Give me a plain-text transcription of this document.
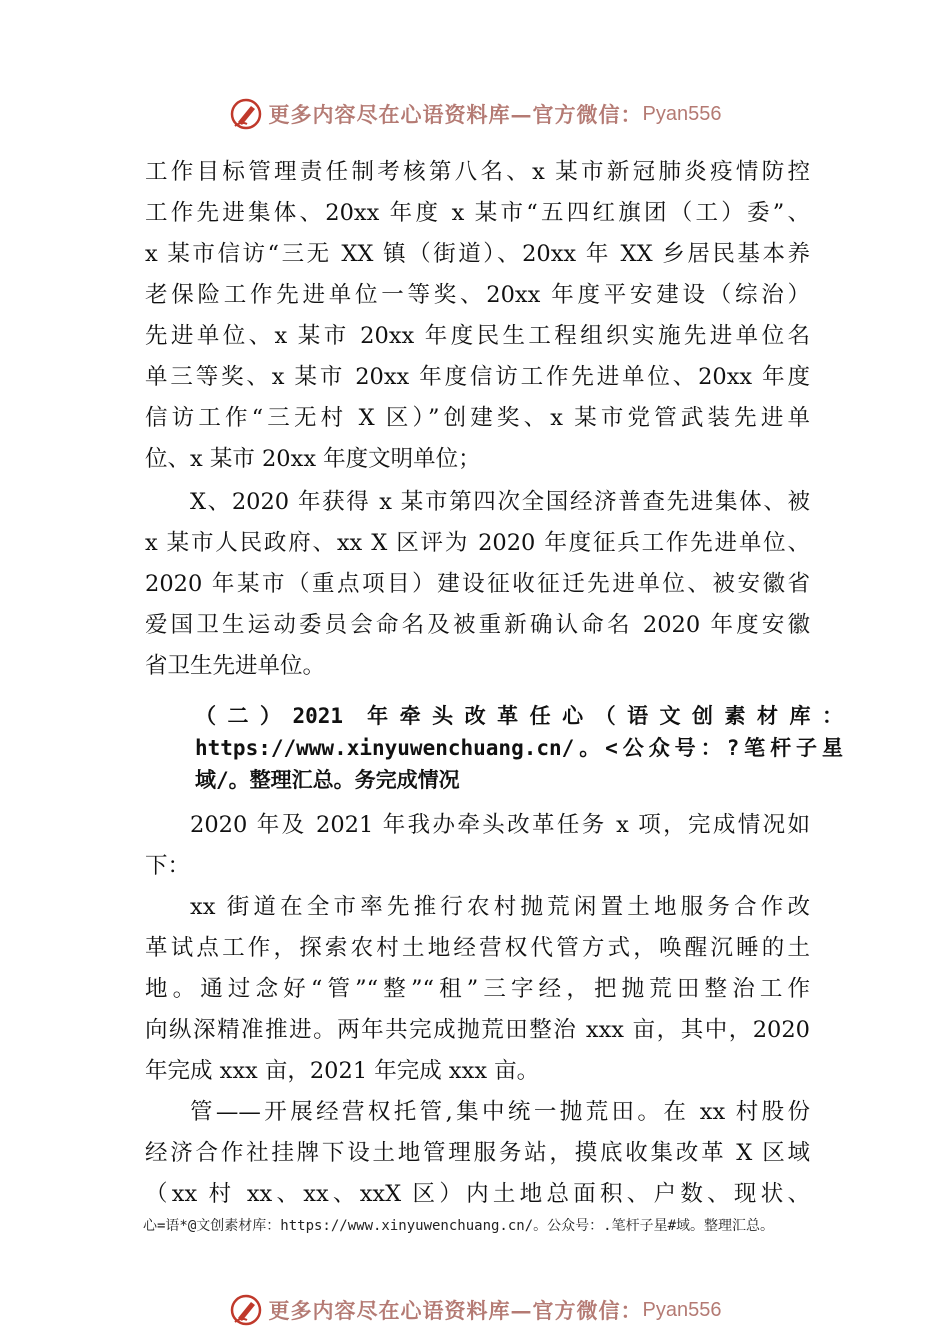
更多内容尽在心语资料库—官方微信： Pyan556
工作目标管理责任制考核第八名、x 某市新冠肺炎疫情防控
工作先进集体、20xx 年度 x 某市“五四红旗团（工）委”、
x 某市信访“三无 XX 镇（街道）、20xx 年 XX 乡居民基本养
老保险工作先进单位一等奖、20xx 年度平安建设（综治）
先进单位、x 某市 20xx 年度民生工程组织实施先进单位名
单三等奖、x 某市 20xx 年度信访工作先进单位、20xx 年度
信访工作“三无村 X 区）”创建奖、x 某市党管武装先进单
位、x 某市 20xx 年度文明单位；
X、2020 年获得 x 某市第四次全国经济普查先进集体、被
x 某市人民政府、xx X 区评为 2020 年度征兵工作先进单位、
2020 年某市（重点项目）建设征收征迁先进单位、被安徽省
爱国卫生运动委员会命名及被重新确认命名 2020 年度安徽
省卫生先进单位。
（二）2021 年牵头改革任心（语文创素材库：
https://www.xinyuwenchuang.cn/。<公众号：?笔杆子星
域/。整理汇总。务完成情况
2020 年及 2021 年我办牵头改革任务 x 项，完成情况如
下：
xx 街道在全市率先推行农村抛荒闲置土地服务合作改
革试点工作，探索农村土地经营权代管方式，唤醒沉睡的土
地。通过念好“管”“整”“租”三字经，把抛荒田整治工作
向纵深精准推进。两年共完成抛荒田整治 xxx 亩，其中，2020
年完成 xxx 亩，2021 年完成 xxx 亩。
管——开展经营权托管,集中统一抛荒田。在 xx 村股份
经济合作社挂牌下设土地管理服务站，摸底收集改革 X 区域
（xx 村 xx、xx、xxX 区）内土地总面积、户数、现状、
心=语*@文创素材库：https://www.xinyuwenchuang.cn/。公众号：.笔杆子星#域。整理汇总。
更多内容尽在心语资料库—官方微信： Pyan556
